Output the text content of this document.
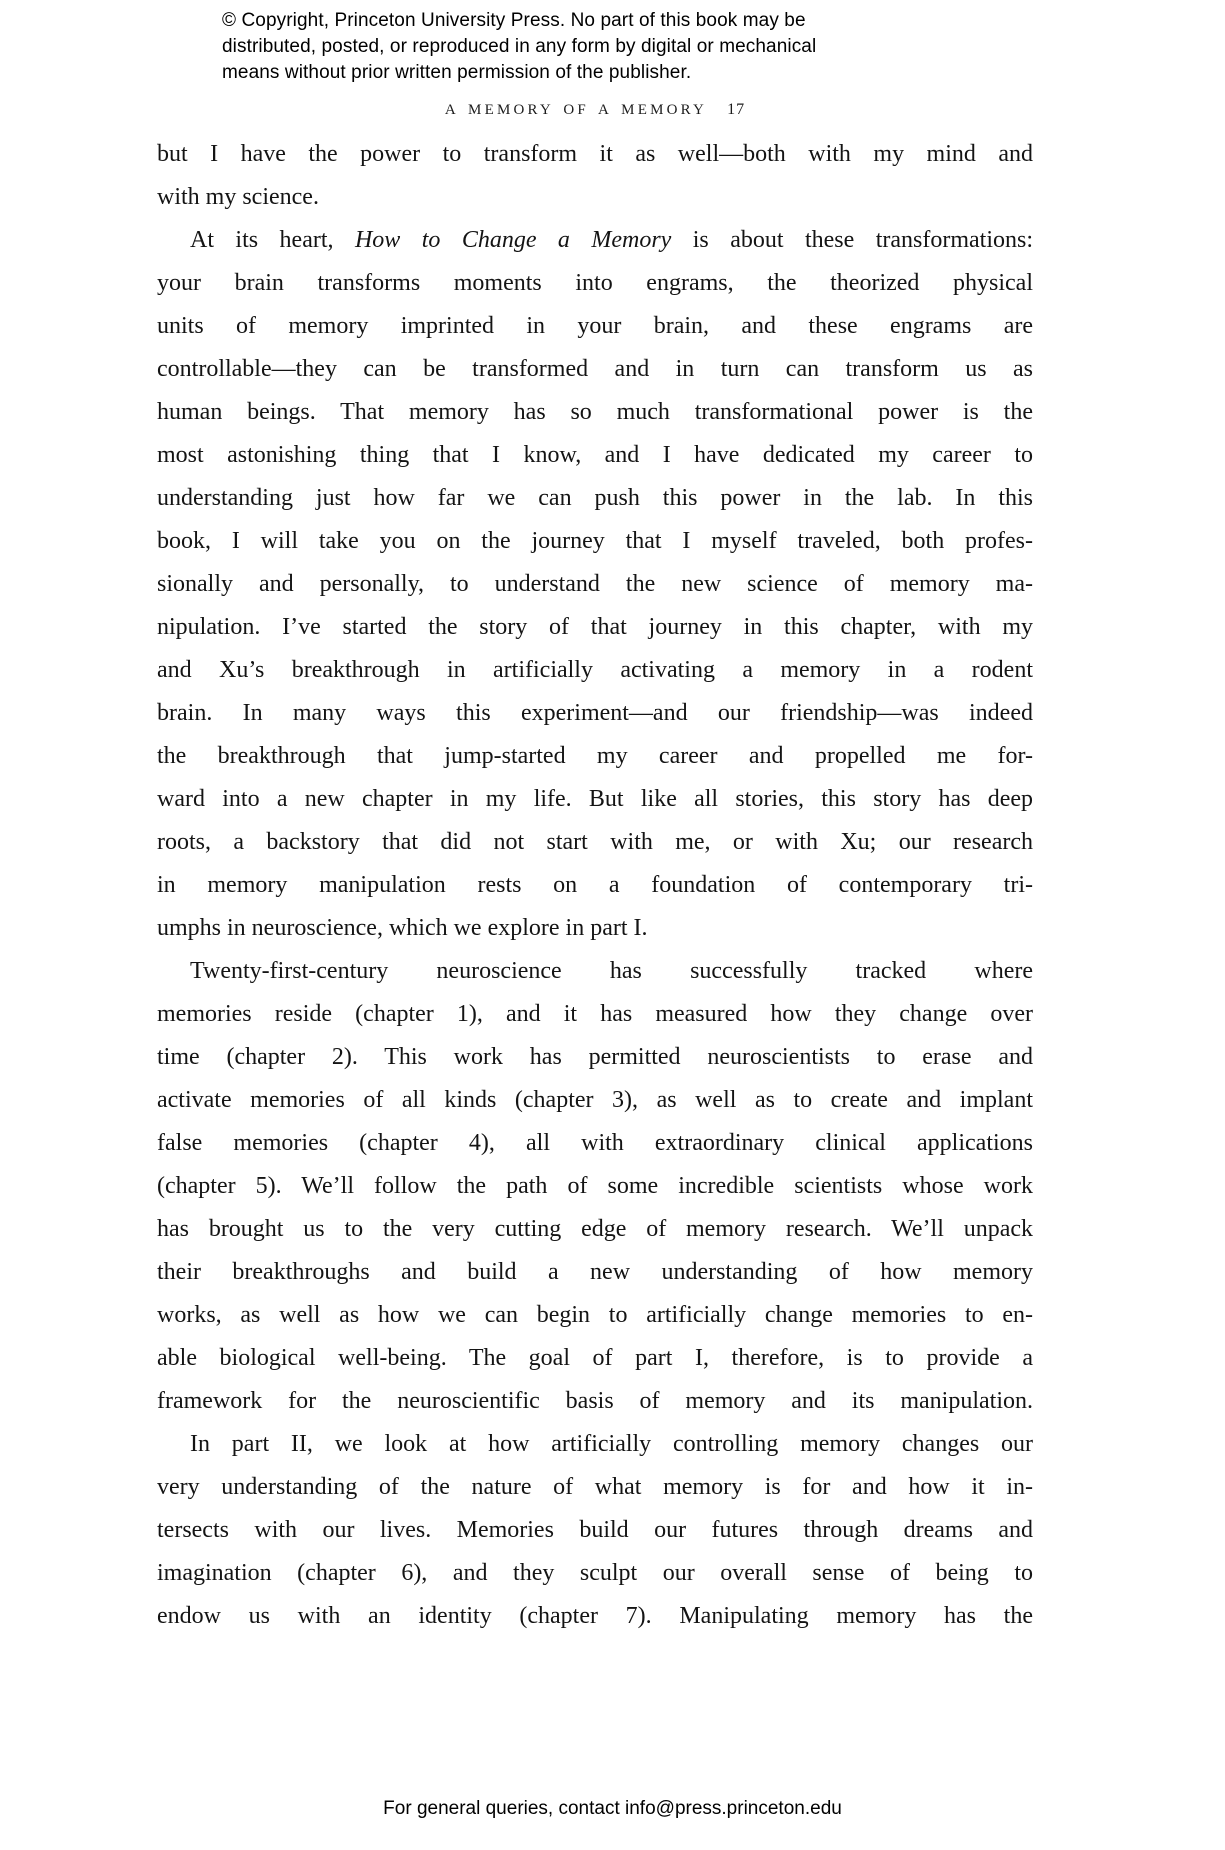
© Copyright, Princeton University Press. No part of this book may be
distributed, posted, or reproduced in any form by digital or mechanical
means without prior written permission of the publisher.
A MEMORY OF A MEMORY 17
but I have the power to transform it as well—both with my mind and
with my science.
At its heart, How to Change a Memory is about these transformations:
your brain transforms moments into engrams, the theorized physical
units of memory imprinted in your brain, and these engrams are
controllable—they can be transformed and in turn can transform us as
human beings. That memory has so much transformational power is the
most astonishing thing that I know, and I have dedicated my career to
understanding just how far we can push this power in the lab. In this
book, I will take you on the journey that I myself traveled, both profes-
sionally and personally, to understand the new science of memory ma-
nipulation. I’ve started the story of that journey in this chapter, with my
and Xu’s breakthrough in artificially activating a memory in a rodent
brain. In many ways this experiment—and our friendship—was indeed
the breakthrough that jump-started my career and propelled me for-
ward into a new chapter in my life. But like all stories, this story has deep
roots, a backstory that did not start with me, or with Xu; our research
in memory manipulation rests on a foundation of contemporary tri-
umphs in neuroscience, which we explore in part I.
Twenty-first-century neuroscience has successfully tracked where
memories reside (chapter 1), and it has measured how they change over
time (chapter 2). This work has permitted neuroscientists to erase and
activate memories of all kinds (chapter 3), as well as to create and implant
false memories (chapter 4), all with extraordinary clinical applications
(chapter 5). We’ll follow the path of some incredible scientists whose work
has brought us to the very cutting edge of memory research. We’ll unpack
their breakthroughs and build a new understanding of how memory
works, as well as how we can begin to artificially change memories to en-
able biological well-being. The goal of part I, therefore, is to provide a
framework for the neuroscientific basis of memory and its manipulation.
In part II, we look at how artificially controlling memory changes our
very understanding of the nature of what memory is for and how it in-
tersects with our lives. Memories build our futures through dreams and
imagination (chapter 6), and they sculpt our overall sense of being to
endow us with an identity (chapter 7). Manipulating memory has the
For general queries, contact info@press.princeton.edu
